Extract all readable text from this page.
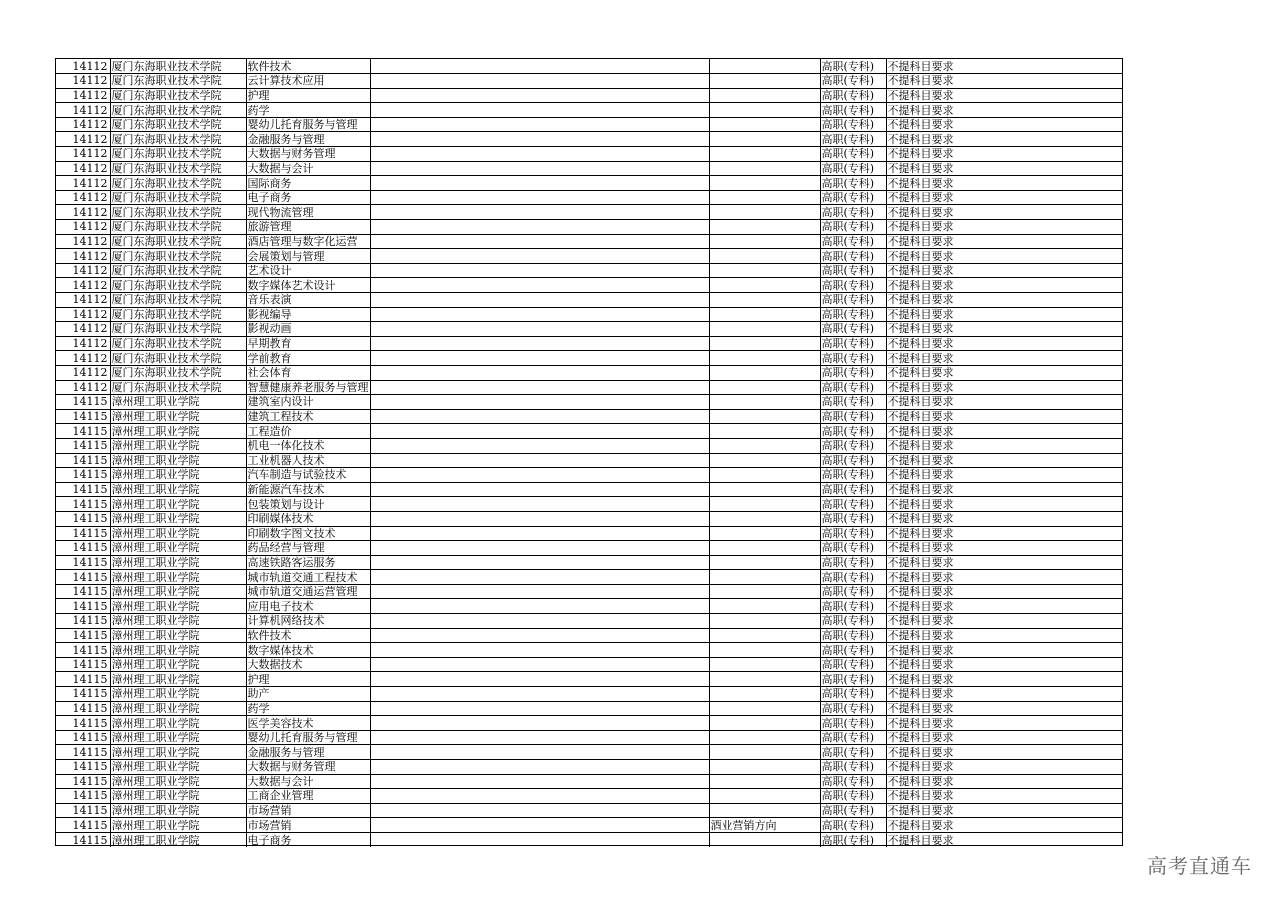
14112	厦门东海职业技术学院	软件技术			高职(专科)	不提科目要求
14112	厦门东海职业技术学院	云计算技术应用			高职(专科)	不提科目要求
14112	厦门东海职业技术学院	护理			高职(专科)	不提科目要求
14112	厦门东海职业技术学院	药学			高职(专科)	不提科目要求
14112	厦门东海职业技术学院	婴幼儿托育服务与管理			高职(专科)	不提科目要求
14112	厦门东海职业技术学院	金融服务与管理			高职(专科)	不提科目要求
14112	厦门东海职业技术学院	大数据与财务管理			高职(专科)	不提科目要求
14112	厦门东海职业技术学院	大数据与会计			高职(专科)	不提科目要求
14112	厦门东海职业技术学院	国际商务			高职(专科)	不提科目要求
14112	厦门东海职业技术学院	电子商务			高职(专科)	不提科目要求
14112	厦门东海职业技术学院	现代物流管理			高职(专科)	不提科目要求
14112	厦门东海职业技术学院	旅游管理			高职(专科)	不提科目要求
14112	厦门东海职业技术学院	酒店管理与数字化运营			高职(专科)	不提科目要求
14112	厦门东海职业技术学院	会展策划与管理			高职(专科)	不提科目要求
14112	厦门东海职业技术学院	艺术设计			高职(专科)	不提科目要求
14112	厦门东海职业技术学院	数字媒体艺术设计			高职(专科)	不提科目要求
14112	厦门东海职业技术学院	音乐表演			高职(专科)	不提科目要求
14112	厦门东海职业技术学院	影视编导			高职(专科)	不提科目要求
14112	厦门东海职业技术学院	影视动画			高职(专科)	不提科目要求
14112	厦门东海职业技术学院	早期教育			高职(专科)	不提科目要求
14112	厦门东海职业技术学院	学前教育			高职(专科)	不提科目要求
14112	厦门东海职业技术学院	社会体育			高职(专科)	不提科目要求
14112	厦门东海职业技术学院	智慧健康养老服务与管理			高职(专科)	不提科目要求
14115	漳州理工职业学院	建筑室内设计			高职(专科)	不提科目要求
14115	漳州理工职业学院	建筑工程技术			高职(专科)	不提科目要求
14115	漳州理工职业学院	工程造价			高职(专科)	不提科目要求
14115	漳州理工职业学院	机电一体化技术			高职(专科)	不提科目要求
14115	漳州理工职业学院	工业机器人技术			高职(专科)	不提科目要求
14115	漳州理工职业学院	汽车制造与试验技术			高职(专科)	不提科目要求
14115	漳州理工职业学院	新能源汽车技术			高职(专科)	不提科目要求
14115	漳州理工职业学院	包装策划与设计			高职(专科)	不提科目要求
14115	漳州理工职业学院	印刷媒体技术			高职(专科)	不提科目要求
14115	漳州理工职业学院	印刷数字图文技术			高职(专科)	不提科目要求
14115	漳州理工职业学院	药品经营与管理			高职(专科)	不提科目要求
14115	漳州理工职业学院	高速铁路客运服务			高职(专科)	不提科目要求
14115	漳州理工职业学院	城市轨道交通工程技术			高职(专科)	不提科目要求
14115	漳州理工职业学院	城市轨道交通运营管理			高职(专科)	不提科目要求
14115	漳州理工职业学院	应用电子技术			高职(专科)	不提科目要求
14115	漳州理工职业学院	计算机网络技术			高职(专科)	不提科目要求
14115	漳州理工职业学院	软件技术			高职(专科)	不提科目要求
14115	漳州理工职业学院	数字媒体技术			高职(专科)	不提科目要求
14115	漳州理工职业学院	大数据技术			高职(专科)	不提科目要求
14115	漳州理工职业学院	护理			高职(专科)	不提科目要求
14115	漳州理工职业学院	助产			高职(专科)	不提科目要求
14115	漳州理工职业学院	药学			高职(专科)	不提科目要求
14115	漳州理工职业学院	医学美容技术			高职(专科)	不提科目要求
14115	漳州理工职业学院	婴幼儿托育服务与管理			高职(专科)	不提科目要求
14115	漳州理工职业学院	金融服务与管理			高职(专科)	不提科目要求
14115	漳州理工职业学院	大数据与财务管理			高职(专科)	不提科目要求
14115	漳州理工职业学院	大数据与会计			高职(专科)	不提科目要求
14115	漳州理工职业学院	工商企业管理			高职(专科)	不提科目要求
14115	漳州理工职业学院	市场营销			高职(专科)	不提科目要求
14115	漳州理工职业学院	市场营销		酒业营销方向	高职(专科)	不提科目要求
14115	漳州理工职业学院	电子商务			高职(专科)	不提科目要求
高考直通车
